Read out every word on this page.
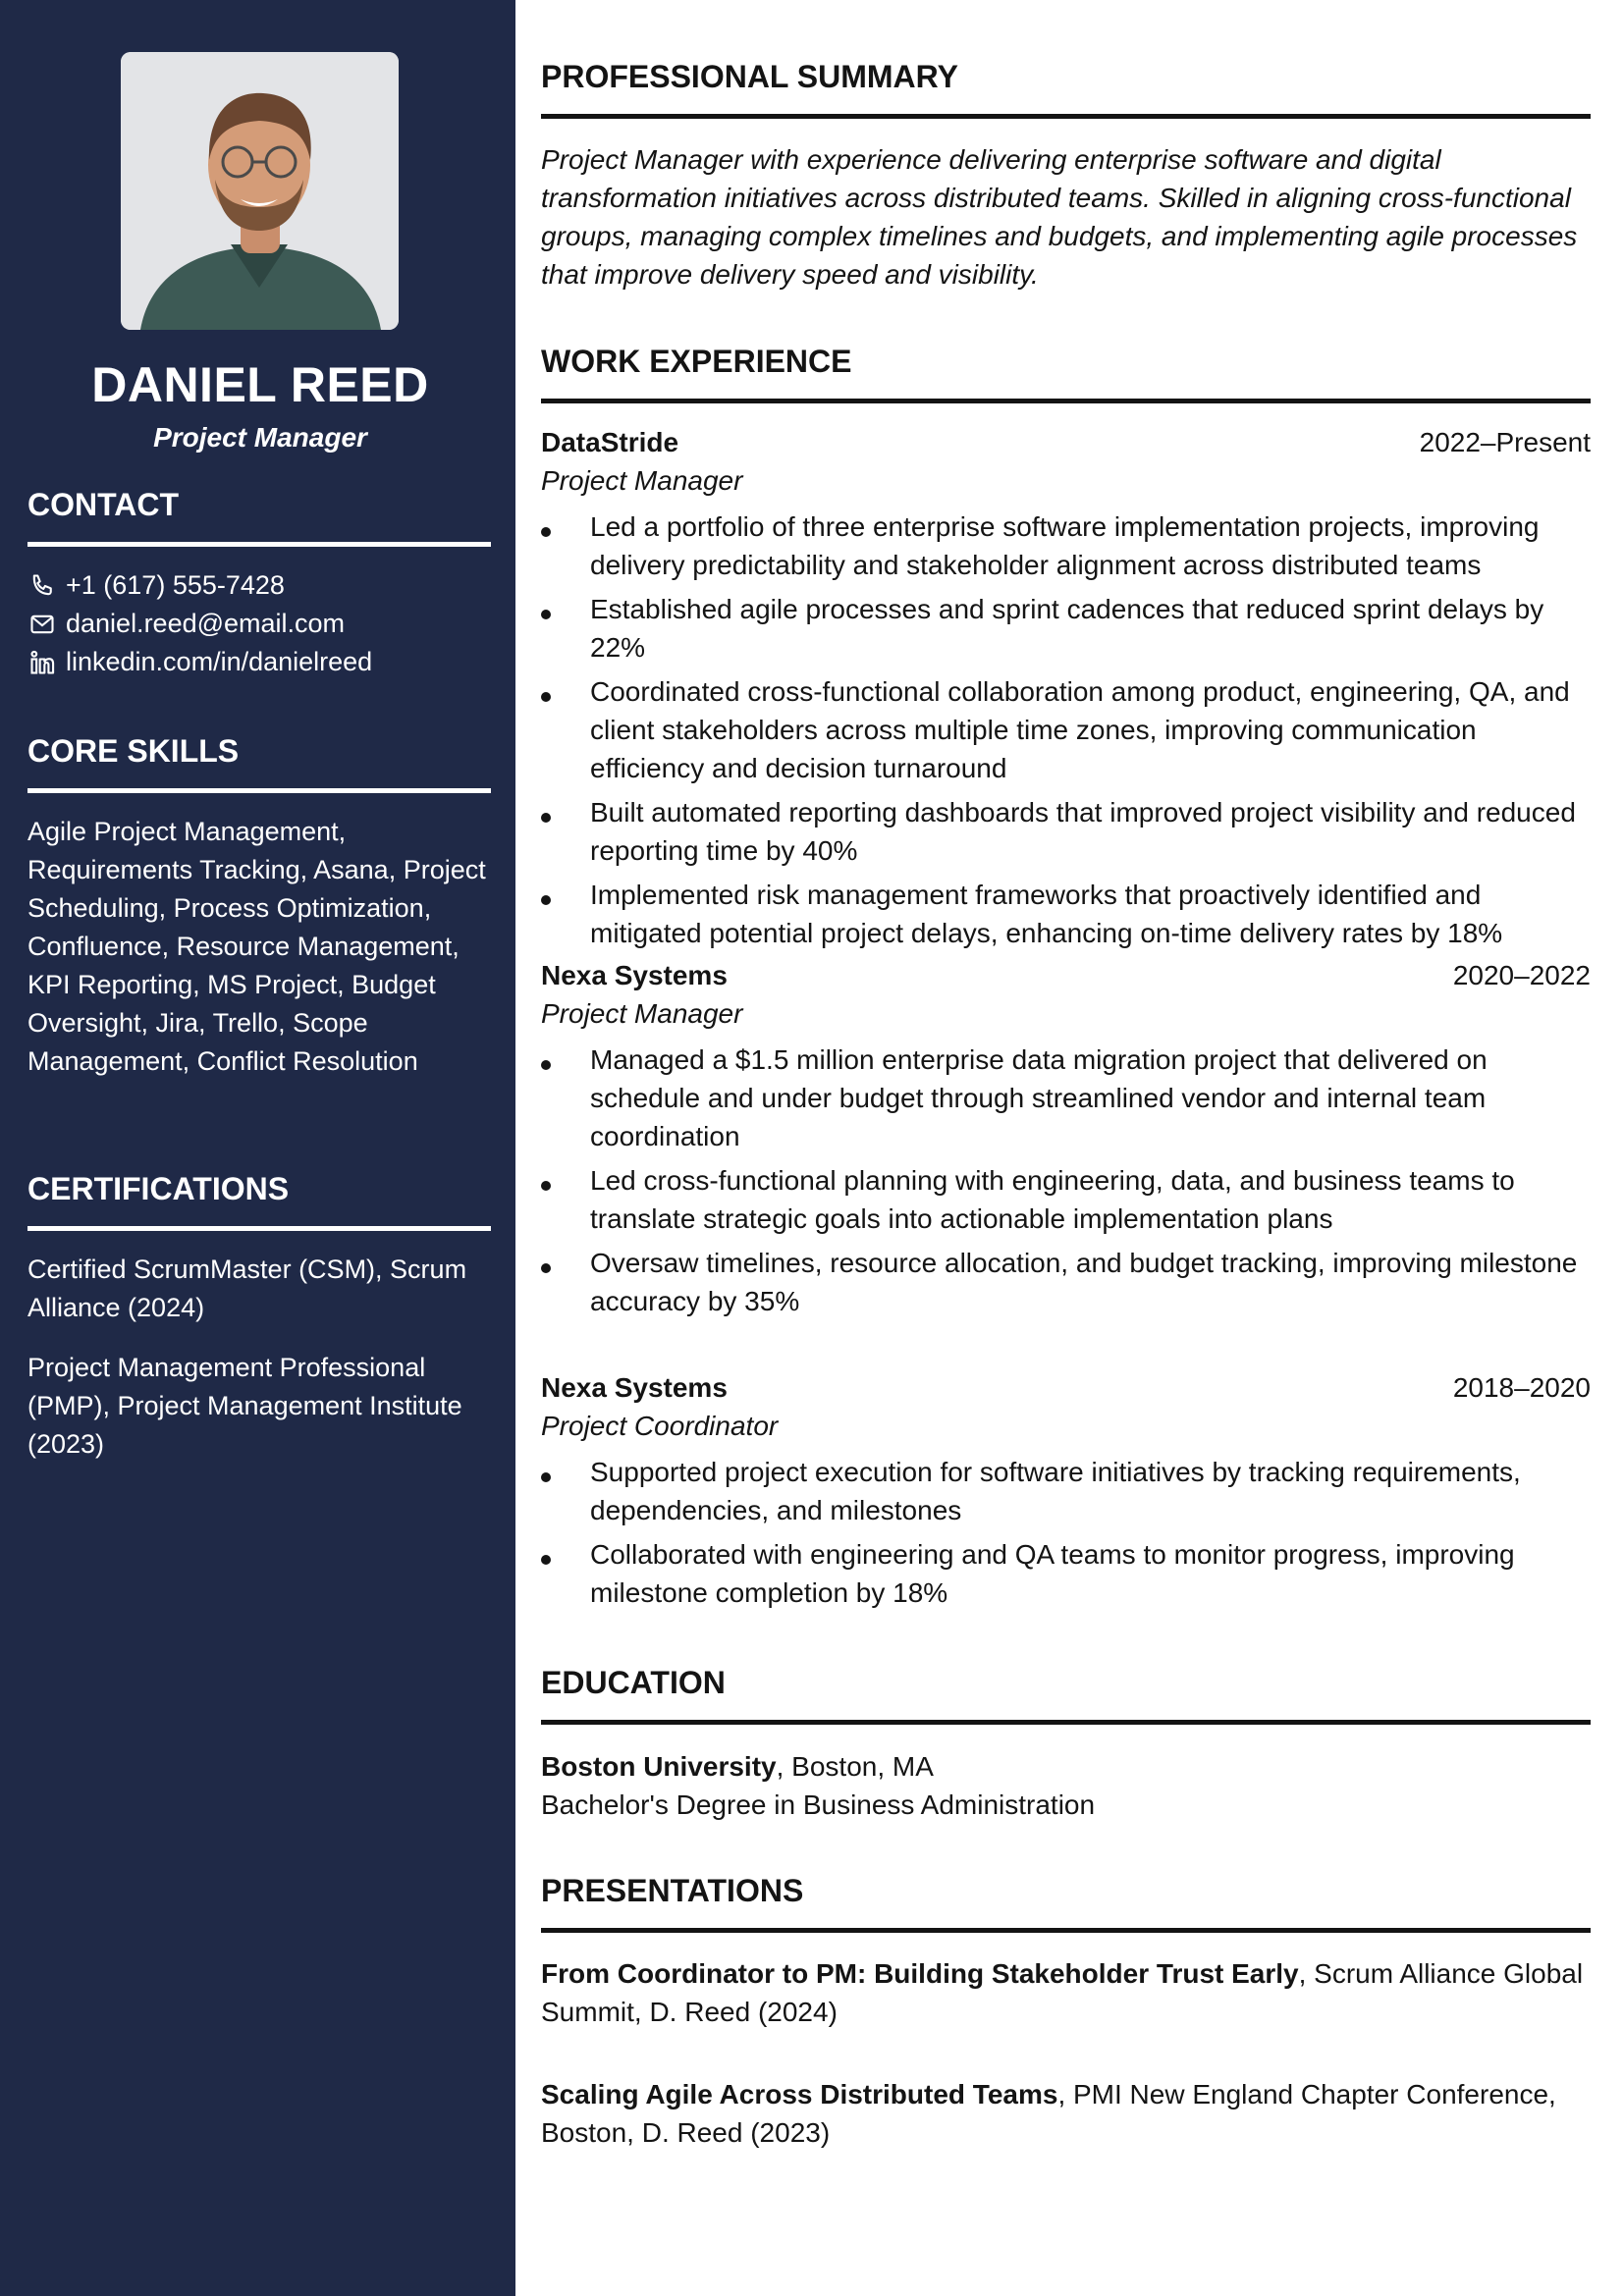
DANIEL REED
Project Manager
CONTACT
+1 (617) 555-7428
daniel.reed@email.com
linkedin.com/in/danielreed
CORE SKILLS
Agile Project Management, Requirements Tracking, Asana, Project Scheduling, Process Optimization, Confluence, Resource Management, KPI Reporting, MS Project, Budget Oversight, Jira, Trello, Scope Management, Conflict Resolution
CERTIFICATIONS
Certified ScrumMaster (CSM), Scrum Alliance (2024)
Project Management Professional (PMP), Project Management Institute (2023)
PROFESSIONAL SUMMARY
Project Manager with experience delivering enterprise software and digital transformation initiatives across distributed teams. Skilled in aligning cross-functional groups, managing complex timelines and budgets, and implementing agile processes that improve delivery speed and visibility.
WORK EXPERIENCE
DataStride	2022–Present
Project Manager
Led a portfolio of three enterprise software implementation projects, improving delivery predictability and stakeholder alignment across distributed teams
Established agile processes and sprint cadences that reduced sprint delays by 22%
Coordinated cross-functional collaboration among product, engineering, QA, and client stakeholders across multiple time zones, improving communication efficiency and decision turnaround
Built automated reporting dashboards that improved project visibility and reduced reporting time by 40%
Implemented risk management frameworks that proactively identified and mitigated potential project delays, enhancing on-time delivery rates by 18%
Nexa Systems	2020–2022
Project Manager
Managed a $1.5 million enterprise data migration project that delivered on schedule and under budget through streamlined vendor and internal team coordination
Led cross-functional planning with engineering, data, and business teams to translate strategic goals into actionable implementation plans
Oversaw timelines, resource allocation, and budget tracking, improving milestone accuracy by 35%
Nexa Systems	2018–2020
Project Coordinator
Supported project execution for software initiatives by tracking requirements, dependencies, and milestones
Collaborated with engineering and QA teams to monitor progress, improving milestone completion by 18%
EDUCATION
Boston University, Boston, MA
Bachelor's Degree in Business Administration
PRESENTATIONS
From Coordinator to PM: Building Stakeholder Trust Early, Scrum Alliance Global Summit, D. Reed (2024)
Scaling Agile Across Distributed Teams, PMI New England Chapter Conference, Boston, D. Reed (2023)
